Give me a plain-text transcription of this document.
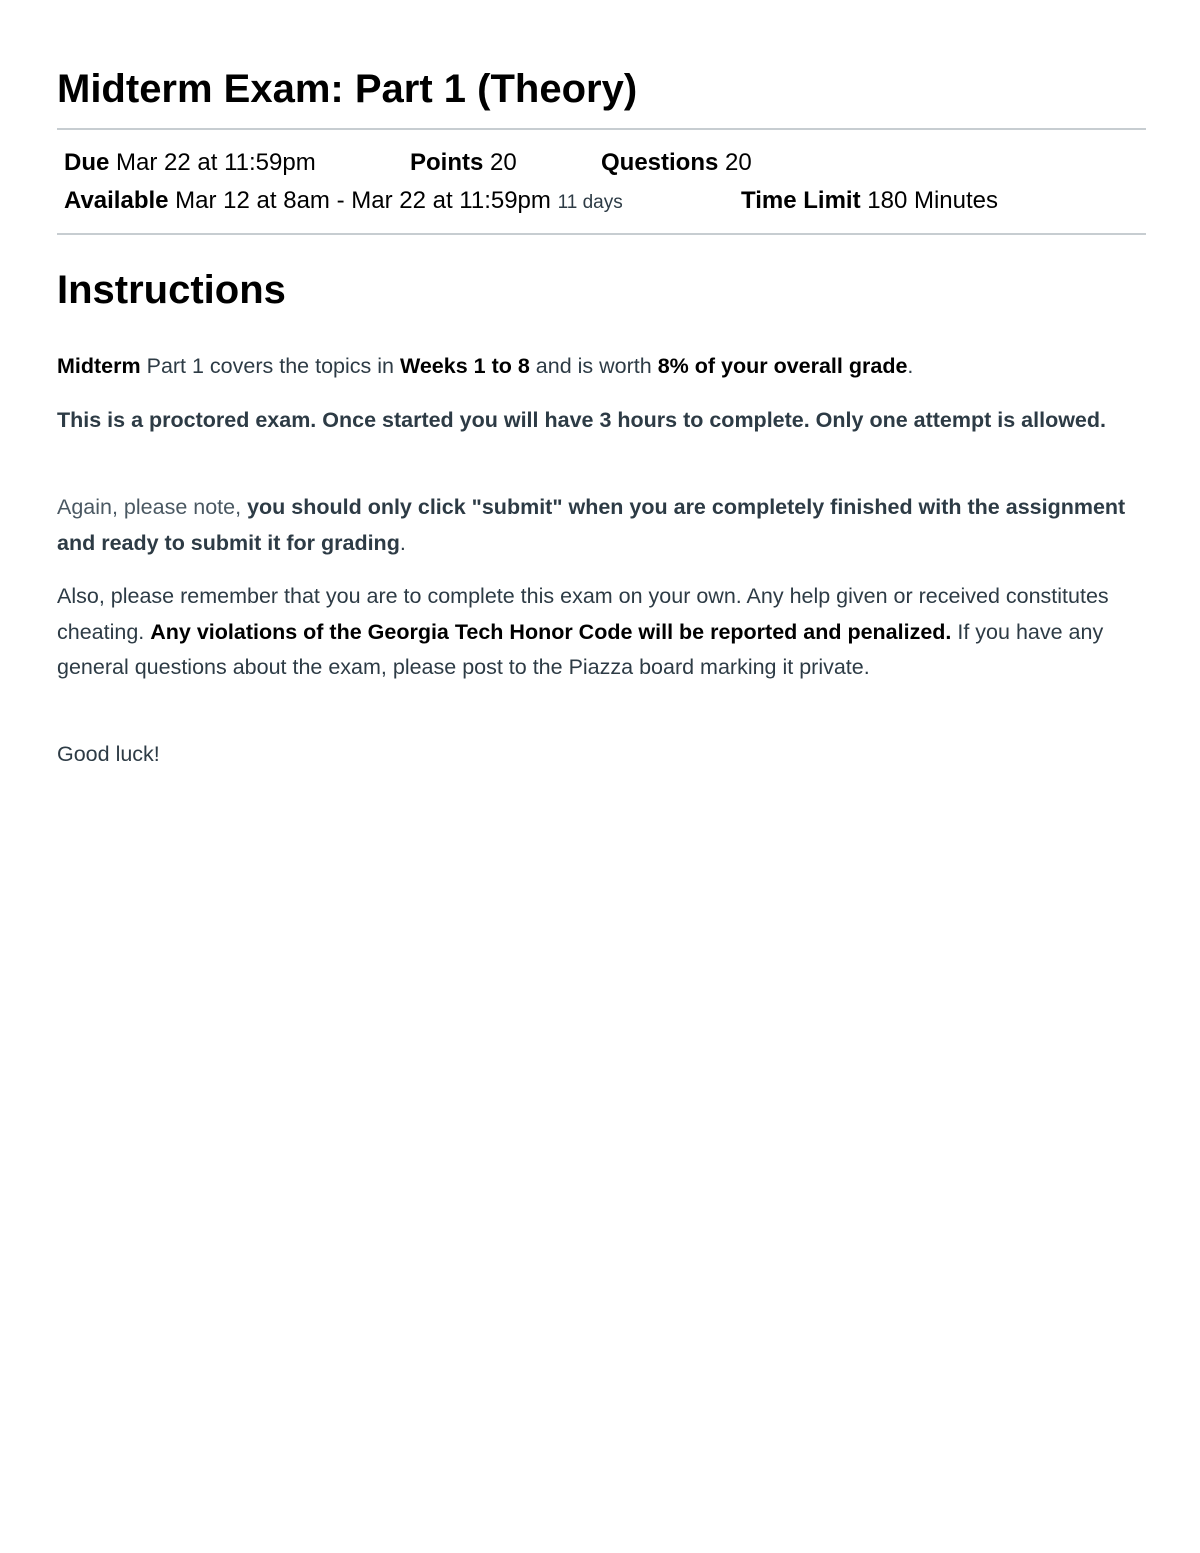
Midterm Exam: Part 1 (Theory)
Due Mar 22 at 11:59pm	Points 20	Questions 20
Available Mar 12 at 8am - Mar 22 at 11:59pm 11 days	Time Limit 180 Minutes
Instructions

Midterm Part 1 covers the topics in Weeks 1 to 8 and is worth 8% of your overall grade.

This is a proctored exam. Once started you will have 3 hours to complete. Only one attempt is allowed.

Again, please note, you should only click "submit" when you are completely finished with the assignment and ready to submit it for grading.

Also, please remember that you are to complete this exam on your own. Any help given or received constitutes cheating. Any violations of the Georgia Tech Honor Code will be reported and penalized. If you have any general questions about the exam, please post to the Piazza board marking it private.

Good luck!
